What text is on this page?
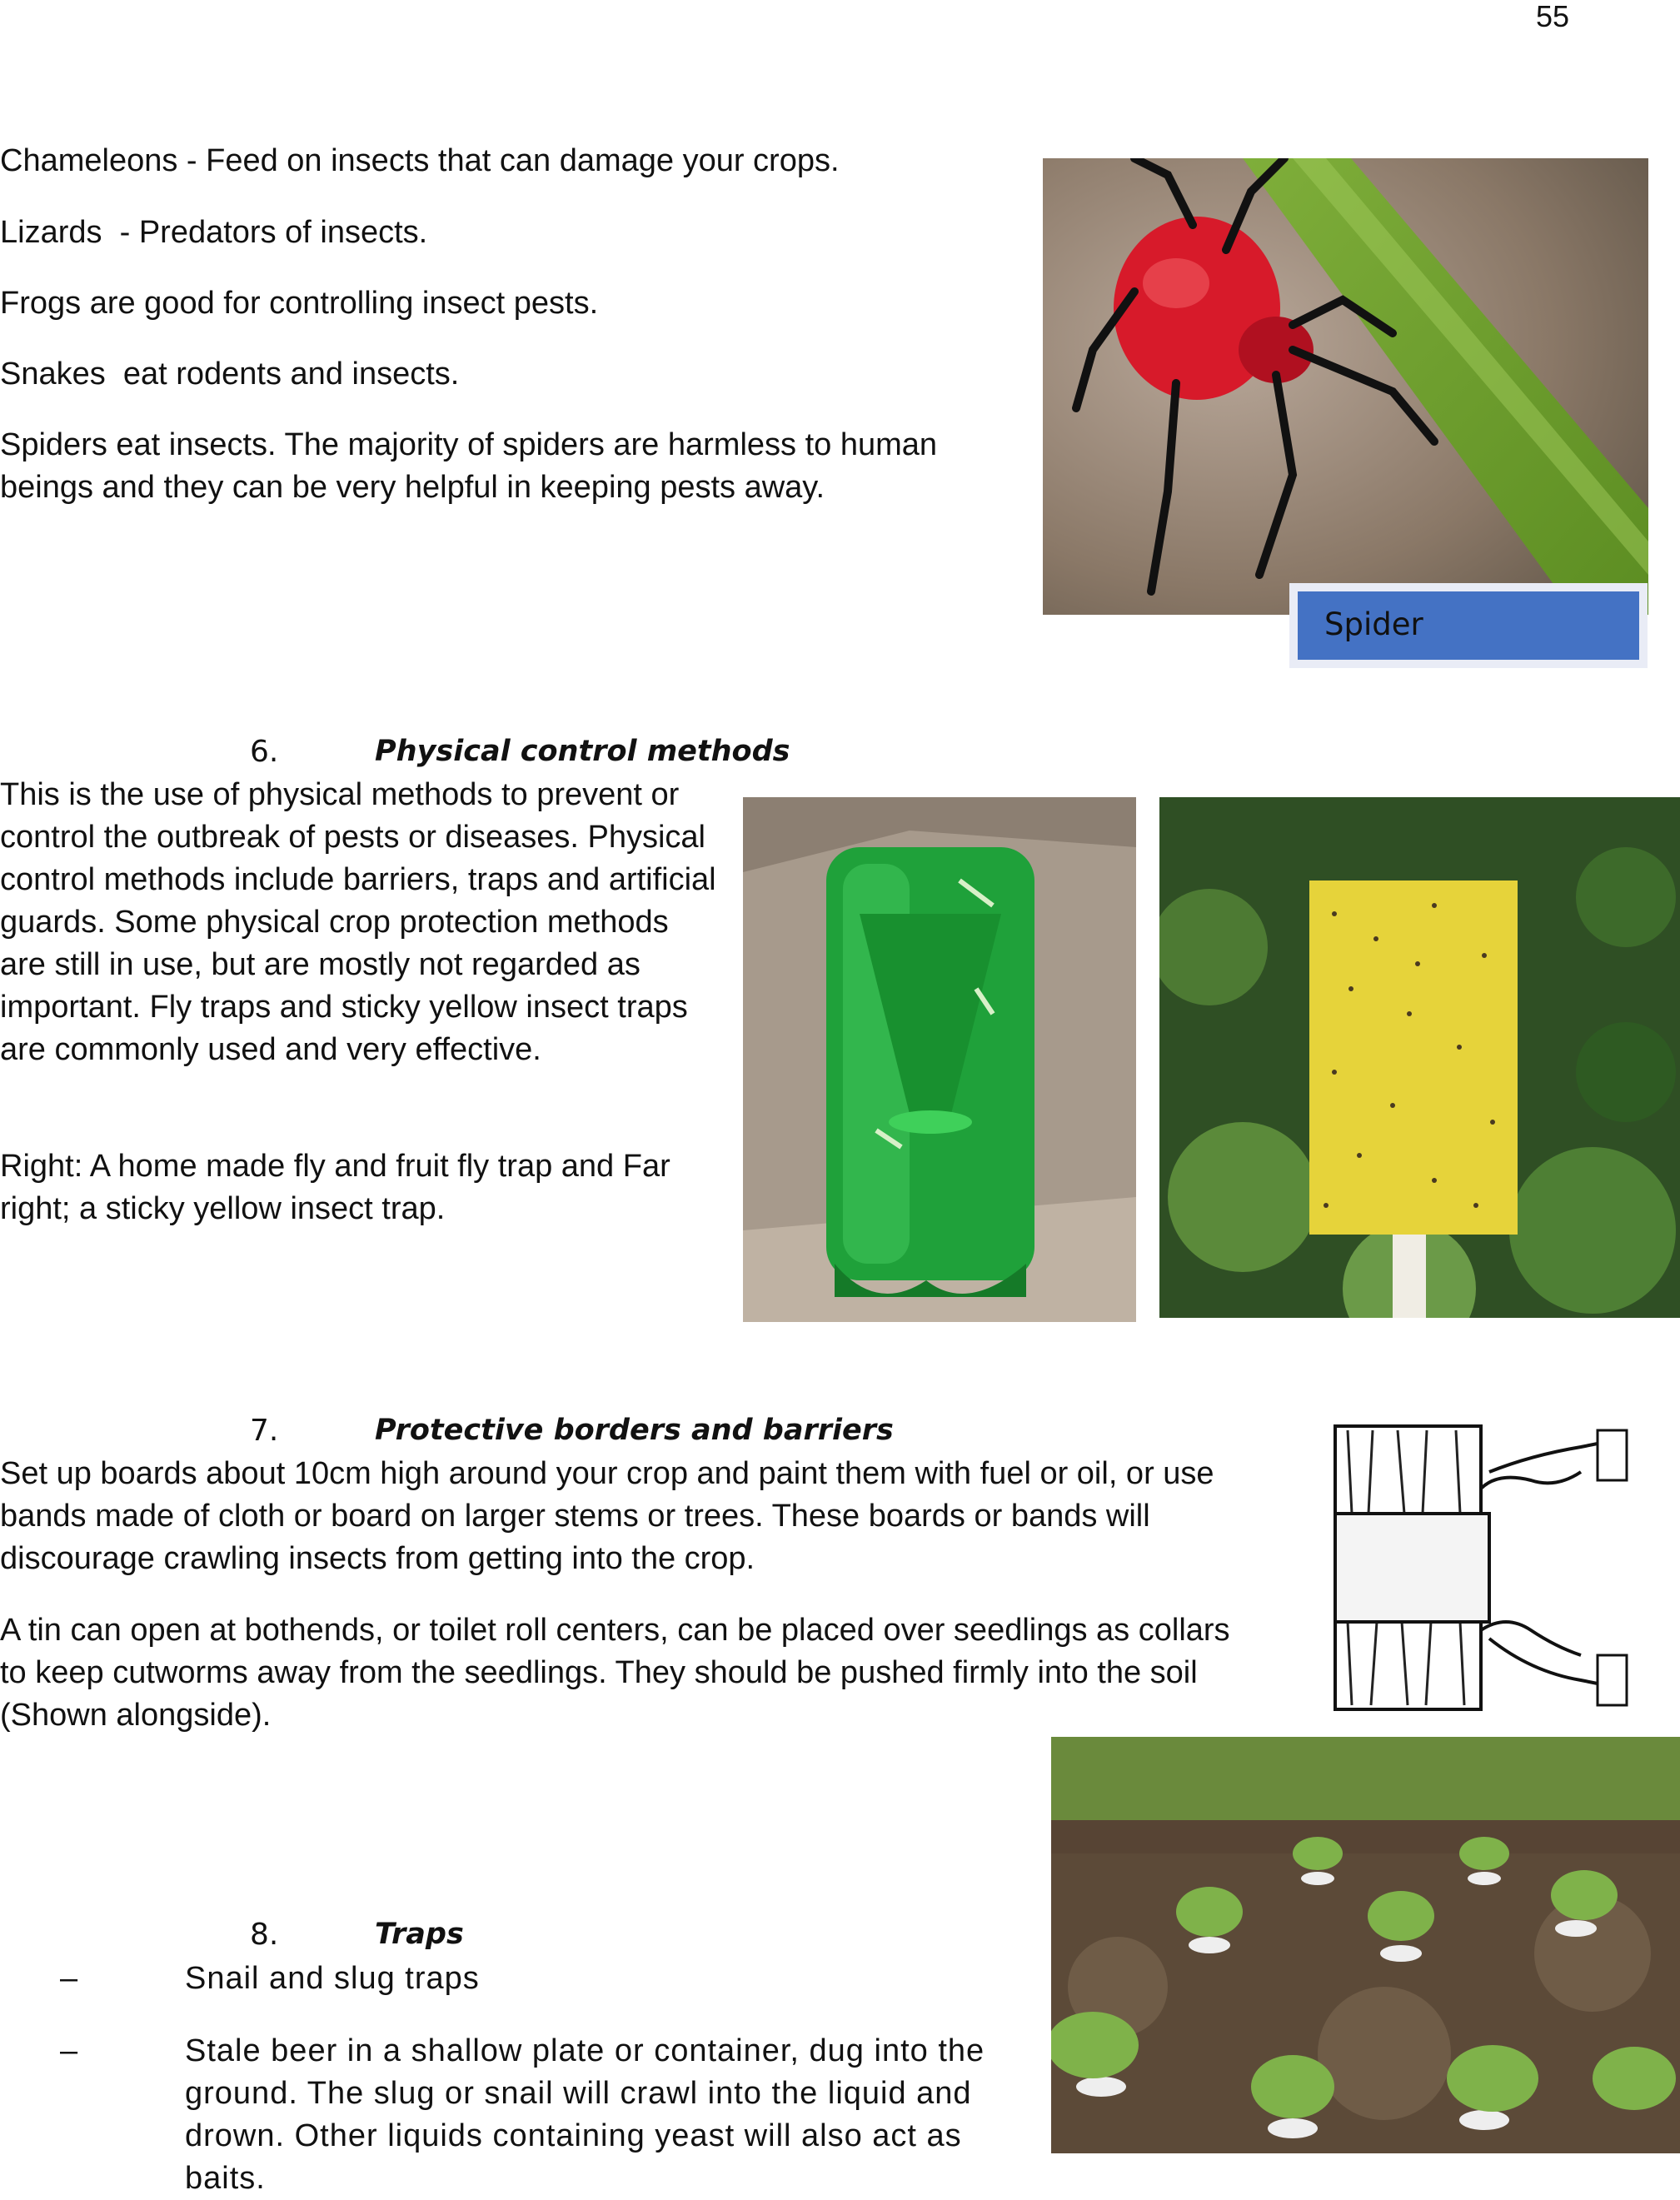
55

Chameleons - Feed on insects that can damage your crops.

Lizards  - Predators of insects.

Frogs are good for controlling insect pests.

Snakes  eat rodents and insects.

Spiders eat insects. The majority of spiders are harmless to human beings and they can be very helpful in keeping pests away.

Spider
6.	Physical control methods

This is the use of physical methods to prevent or control the outbreak of pests or diseases. Physical control methods include barriers, traps and artificial guards. Some physical crop protection methods are still in use, but are mostly not regarded as important. Fly traps and sticky yellow insect traps are commonly used and very effective.

Right: A home made fly and fruit fly trap and Far right; a sticky yellow insect trap.

7.	Protective borders and barriers

Set up boards about 10cm high around your crop and paint them with fuel or oil, or use bands made of cloth or board on larger stems or trees. These boards or bands will discourage crawling insects from getting into the crop.

A tin can open at bothends, or toilet roll centers, can be placed over seedlings as collars to keep cutworms away from the seedlings. They should be pushed firmly into the soil (Shown alongside).

8.	Traps
–	Snail and slug traps
–	Stale beer in a shallow plate or container, dug into the ground. The slug or snail will crawl into the liquid and drown. Other liquids containing yeast will also act as baits.
